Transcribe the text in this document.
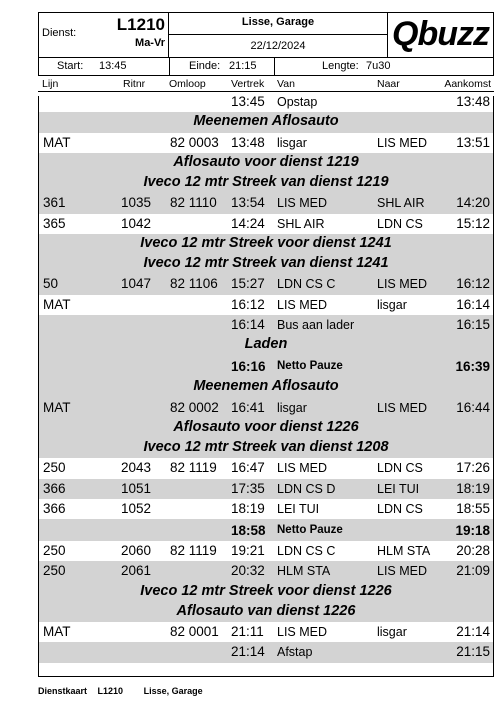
Dienst: L1210
Ma-Vr
Lisse, Garage
22/12/2024	Qbuzz
Start: 13:45	Einde: 21:15	Lengte: 7u30
Lijn	Ritnr Omloop Vertrek Van	Naar	Aankomst
13:45 Opstap	13:48
Meenemen Aflosauto
MAT	82 0003 13:48 lisgar	LIS MED 13:51
Aflosauto voor dienst 1219
Iveco 12 mtr Streek van dienst 1219
361	1035 82 1110 13:54 LIS MED	SHL AIR 14:20
365	1042	14:24 SHL AIR	LDN CS 15:12
Iveco 12 mtr Streek voor dienst 1241
Iveco 12 mtr Streek van dienst 1241
50	1047 82 1106 15:27 LDN CS C	LIS MED 16:12
MAT	16:12 LIS MED	lisgar	16:14
16:14 Bus aan lader	16:15
Laden
16:16 Netto Pauze	16:39
Meenemen Aflosauto
MAT	82 0002 16:41 lisgar	LIS MED 16:44
Aflosauto voor dienst 1226
Iveco 12 mtr Streek van dienst 1208
250	2043 82 1119 16:47 LIS MED	LDN CS 17:26
366	1051	17:35 LDN CS D	LEI TUI	18:19
366	1052	18:19 LEI TUI	LDN CS 18:55
18:58 Netto Pauze	19:18
250	2060 82 1119 19:21 LDN CS C	HLM STA 20:28
250	2061	20:32 HLM STA	LIS MED 21:09
Iveco 12 mtr Streek voor dienst 1226
Aflosauto van dienst 1226
MAT	82 0001 21:11 LIS MED	lisgar	21:14
21:14 Afstap	21:15
Dienstkaart L1210 Lisse, Garage
